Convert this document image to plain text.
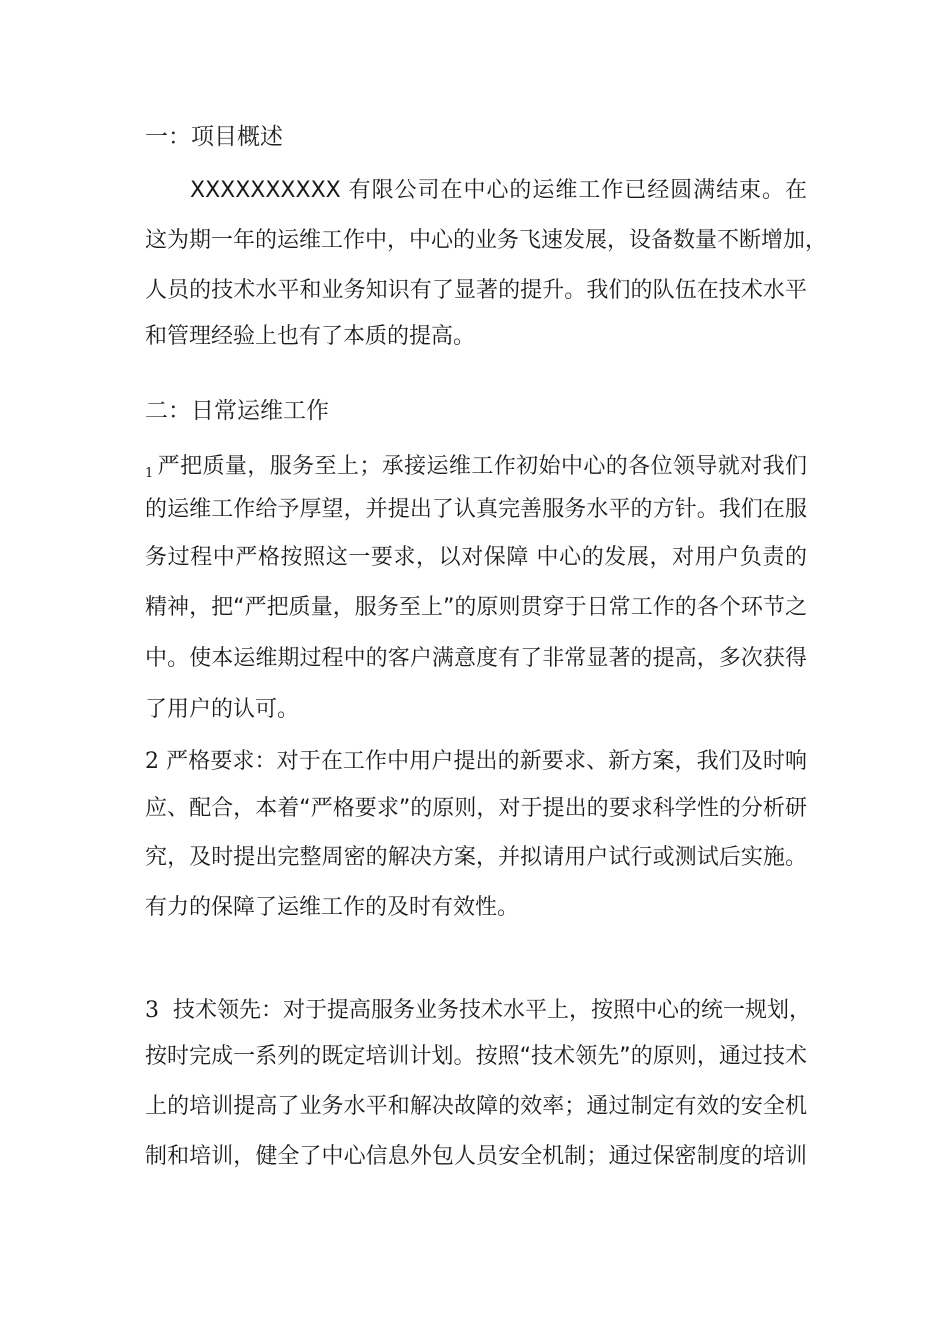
一：项目概述
XXXXXXXXXX 有限公司在中心的运维工作已经圆满结束。在
这为期一年的运维工作中，中心的业务飞速发展，设备数量不断增加，
人员的技术水平和业务知识有了显著的提升。我们的队伍在技术水平
和管理经验上也有了本质的提高。
二：日常运维工作
$_1$ 严把质量，服务至上；承接运维工作初始中心的各位领导就对我们
的运维工作给予厚望，并提出了认真完善服务水平的方针。我们在服
务过程中严格按照这一要求，以对保障 中心的发展，对用户负责的
精神，把“严把质量，服务至上”的原则贯穿于日常工作的各个环节之
中。使本运维期过程中的客户满意度有了非常显著的提高，多次获得
了用户的认可。
2 严格要求：对于在工作中用户提出的新要求、新方案，我们及时响
应、配合，本着“严格要求”的原则，对于提出的要求科学性的分析研
究，及时提出完整周密的解决方案，并拟请用户试行或测试后实施。
有力的保障了运维工作的及时有效性。
3 技术领先：对于提高服务业务技术水平上，按照中心的统一规划，
按时完成一系列的既定培训计划。按照“技术领先”的原则，通过技术
上的培训提高了业务水平和解决故障的效率；通过制定有效的安全机
制和培训，健全了中心信息外包人员安全机制；通过保密制度的培训
